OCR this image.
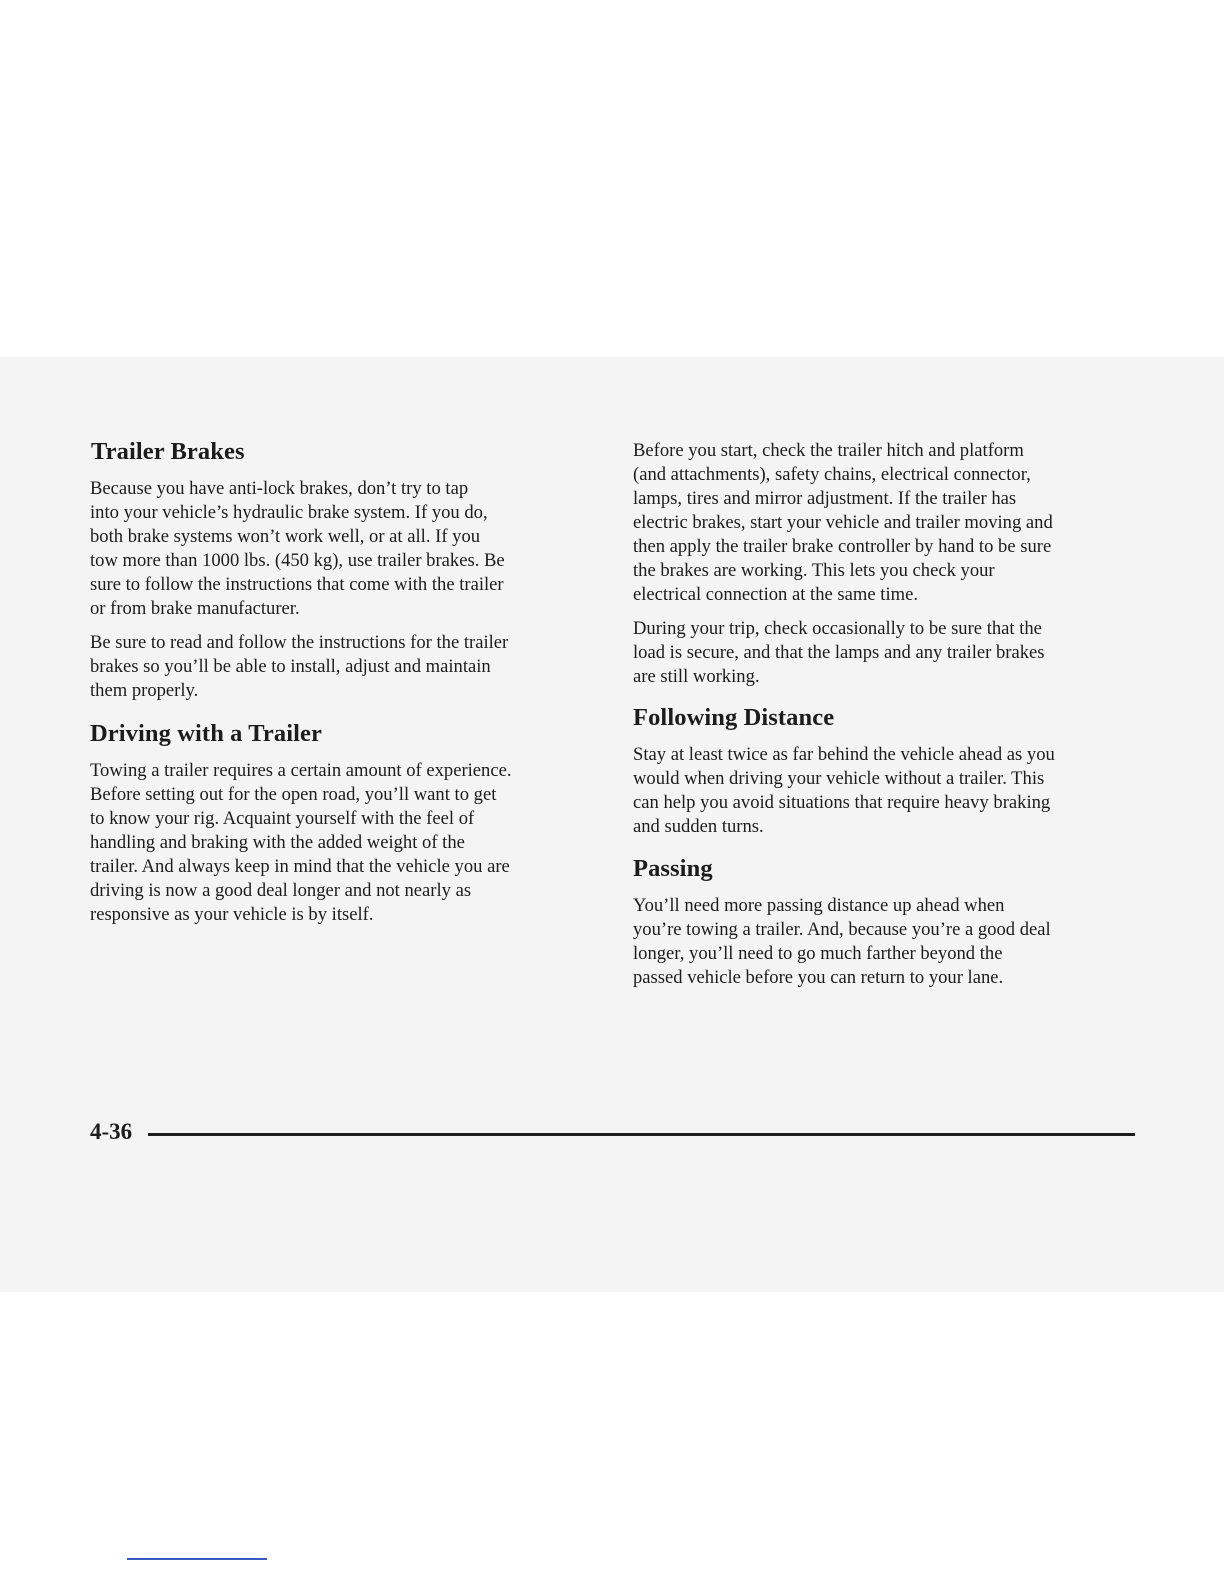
Trailer Brakes

Because you have anti-lock brakes, don’t try to tap
into your vehicle’s hydraulic brake system. If you do,
both brake systems won’t work well, or at all. If you
tow more than 1000 lbs. (450 kg), use trailer brakes. Be
sure to follow the instructions that come with the trailer
or from brake manufacturer.

Be sure to read and follow the instructions for the trailer
brakes so you’ll be able to install, adjust and maintain
them properly.

Driving with a Trailer

Towing a trailer requires a certain amount of experience.
Before setting out for the open road, you’ll want to get
to know your rig. Acquaint yourself with the feel of
handling and braking with the added weight of the
trailer. And always keep in mind that the vehicle you are
driving is now a good deal longer and not nearly as
responsive as your vehicle is by itself.

Before you start, check the trailer hitch and platform
(and attachments), safety chains, electrical connector,
lamps, tires and mirror adjustment. If the trailer has
electric brakes, start your vehicle and trailer moving and
then apply the trailer brake controller by hand to be sure
the brakes are working. This lets you check your
electrical connection at the same time.

During your trip, check occasionally to be sure that the
load is secure, and that the lamps and any trailer brakes
are still working.

Following Distance

Stay at least twice as far behind the vehicle ahead as you
would when driving your vehicle without a trailer. This
can help you avoid situations that require heavy braking
and sudden turns.

Passing

You’ll need more passing distance up ahead when
you’re towing a trailer. And, because you’re a good deal
longer, you’ll need to go much farther beyond the
passed vehicle before you can return to your lane.

4-36
